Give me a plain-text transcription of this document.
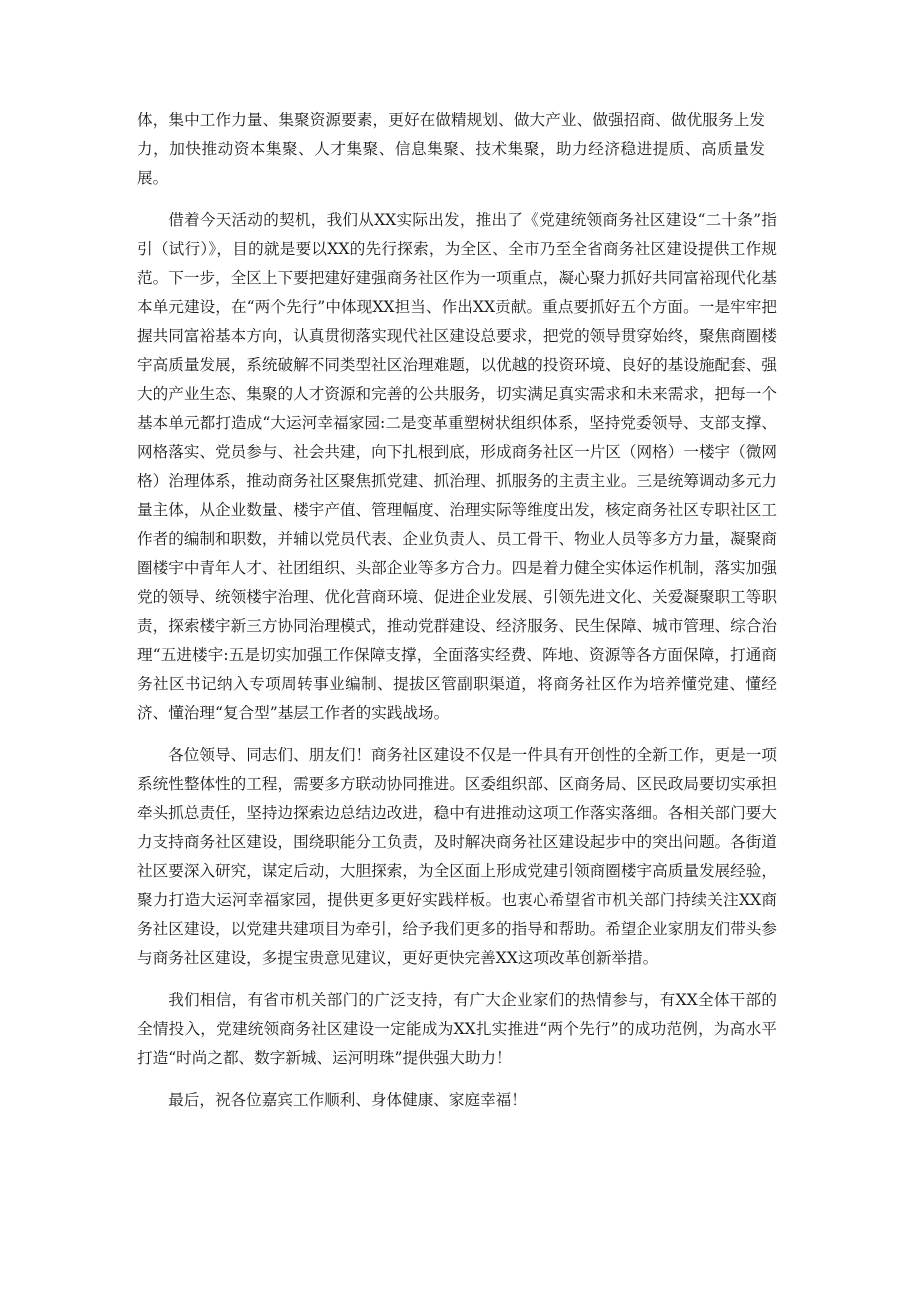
体，集中工作力量、集聚资源要素，更好在做精规划、做大产业、做强招商、做优服务上发力，加快推动资本集聚、人才集聚、信息集聚、技术集聚，助力经济稳进提质、高质量发展。

借着今天活动的契机，我们从XX实际出发，推出了《党建统领商务社区建设“二十条”指引（试行）》，目的就是要以XX的先行探索，为全区、全市乃至全省商务社区建设提供工作规范。下一步，全区上下要把建好建强商务社区作为一项重点，凝心聚力抓好共同富裕现代化基本单元建设，在“两个先行”中体现XX担当、作出XX贡献。重点要抓好五个方面。一是牢牢把握共同富裕基本方向，认真贯彻落实现代社区建设总要求，把党的领导贯穿始终，聚焦商圈楼宇高质量发展，系统破解不同类型社区治理难题，以优越的投资环境、良好的基设施配套、强大的产业生态、集聚的人才资源和完善的公共服务，切实满足真实需求和未来需求，把每一个基本单元都打造成“大运河幸福家园:二是变革重塑树状组织体系，坚持党委领导、支部支撑、网格落实、党员参与、社会共建，向下扎根到底，形成商务社区一片区（网格）一楼宇（微网格）治理体系，推动商务社区聚焦抓党建、抓治理、抓服务的主责主业。三是统筹调动多元力量主体，从企业数量、楼宇产值、管理幅度、治理实际等维度出发，核定商务社区专职社区工作者的编制和职数，并辅以党员代表、企业负责人、员工骨干、物业人员等多方力量，凝聚商圈楼宇中青年人才、社团组织、头部企业等多方合力。四是着力健全实体运作机制，落实加强党的领导、统领楼宇治理、优化营商环境、促进企业发展、引领先进文化、关爱凝聚职工等职责，探索楼宇新三方协同治理模式，推动党群建设、经济服务、民生保障、城市管理、综合治理“五进楼宇:五是切实加强工作保障支撑，全面落实经费、阵地、资源等各方面保障，打通商务社区书记纳入专项周转事业编制、提拔区管副职渠道，将商务社区作为培养懂党建、懂经济、懂治理“复合型”基层工作者的实践战场。

各位领导、同志们、朋友们！商务社区建设不仅是一件具有开创性的全新工作，更是一项系统性整体性的工程，需要多方联动协同推进。区委组织部、区商务局、区民政局要切实承担牵头抓总责任，坚持边探索边总结边改进，稳中有进推动这项工作落实落细。各相关部门要大力支持商务社区建设，围绕职能分工负责，及时解决商务社区建设起步中的突出问题。各街道社区要深入研究，谋定后动，大胆探索，为全区面上形成党建引领商圈楼宇高质量发展经验，聚力打造大运河幸福家园，提供更多更好实践样板。也衷心希望省市机关部门持续关注XX商务社区建设，以党建共建项目为牵引，给予我们更多的指导和帮助。希望企业家朋友们带头参与商务社区建设，多提宝贵意见建议，更好更快完善XX这项改革创新举措。

我们相信，有省市机关部门的广泛支持，有广大企业家们的热情参与，有XX全体干部的全情投入，党建统领商务社区建设一定能成为XX扎实推进“两个先行”的成功范例，为高水平打造“时尚之都、数字新城、运河明珠”提供强大助力！

最后，祝各位嘉宾工作顺利、身体健康、家庭幸福！
